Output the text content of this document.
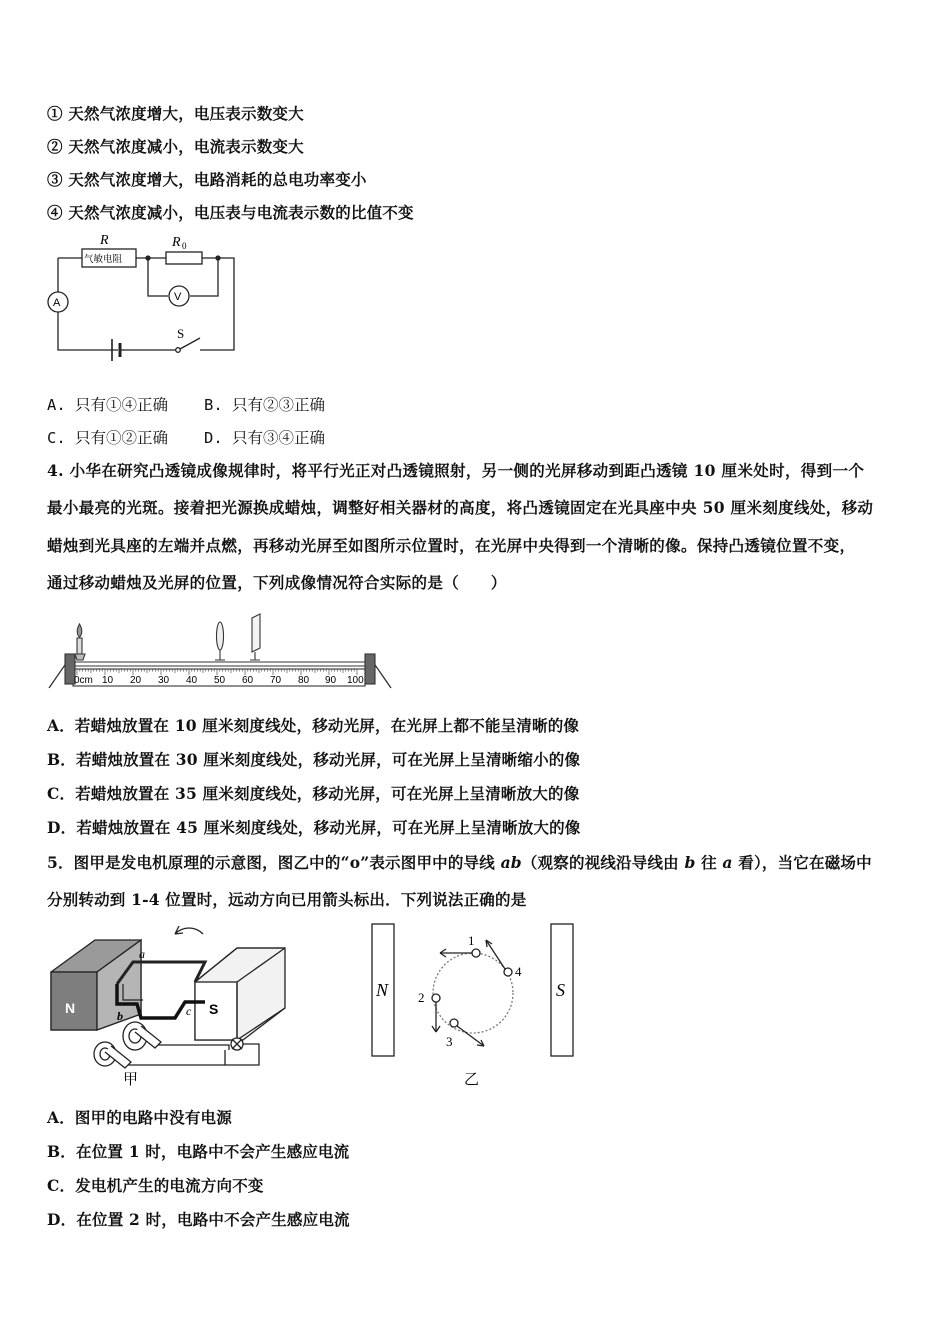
① 天然气浓度增大，电压表示数变大
② 天然气浓度减小，电流表示数变大
③ 天然气浓度增大，电路消耗的总电功率变小
④ 天然气浓度减小，电压表与电流表示数的比值不变
R
气敏电阻
R 0
V
A
S
A. 只有①④正确 B. 只有②③正确
C. 只有①②正确 D. 只有③④正确
4. 小华在研究凸透镜成像规律时，将平行光正对凸透镜照射，另一侧的光屏移动到距凸透镜 10 厘米处时，得到一个
最小最亮的光斑。接着把光源换成蜡烛，调整好相关器材的高度，将凸透镜固定在光具座中央 50 厘米刻度线处，移动
蜡烛到光具座的左端并点燃，再移动光屏至如图所示位置时，在光屏中央得到一个清晰的像。保持凸透镜位置不变，
通过移动蜡烛及光屏的位置，下列成像情况符合实际的是（　　）
0cm 10 20 30 40 50 60 70 80 90 100
A．若蜡烛放置在 10 厘米刻度线处，移动光屏，在光屏上都不能呈清晰的像
B．若蜡烛放置在 30 厘米刻度线处，移动光屏，可在光屏上呈清晰缩小的像
C．若蜡烛放置在 35 厘米刻度线处，移动光屏，可在光屏上呈清晰放大的像
D．若蜡烛放置在 45 厘米刻度线处，移动光屏，可在光屏上呈清晰放大的像
5．图甲是发电机原理的示意图，图乙中的“o”表示图甲中的导线 ab（观察的视线沿导线由 b 往 a 看），当它在磁场中
分别转动到 1-4 位置时，远动方向已用箭头标出．下列说法正确的是
N	S
a
b	c
甲
N	S
1
4
2
3
乙
A．图甲的电路中没有电源
B．在位置 1 时，电路中不会产生感应电流
C．发电机产生的电流方向不变
D．在位置 2 时，电路中不会产生感应电流
